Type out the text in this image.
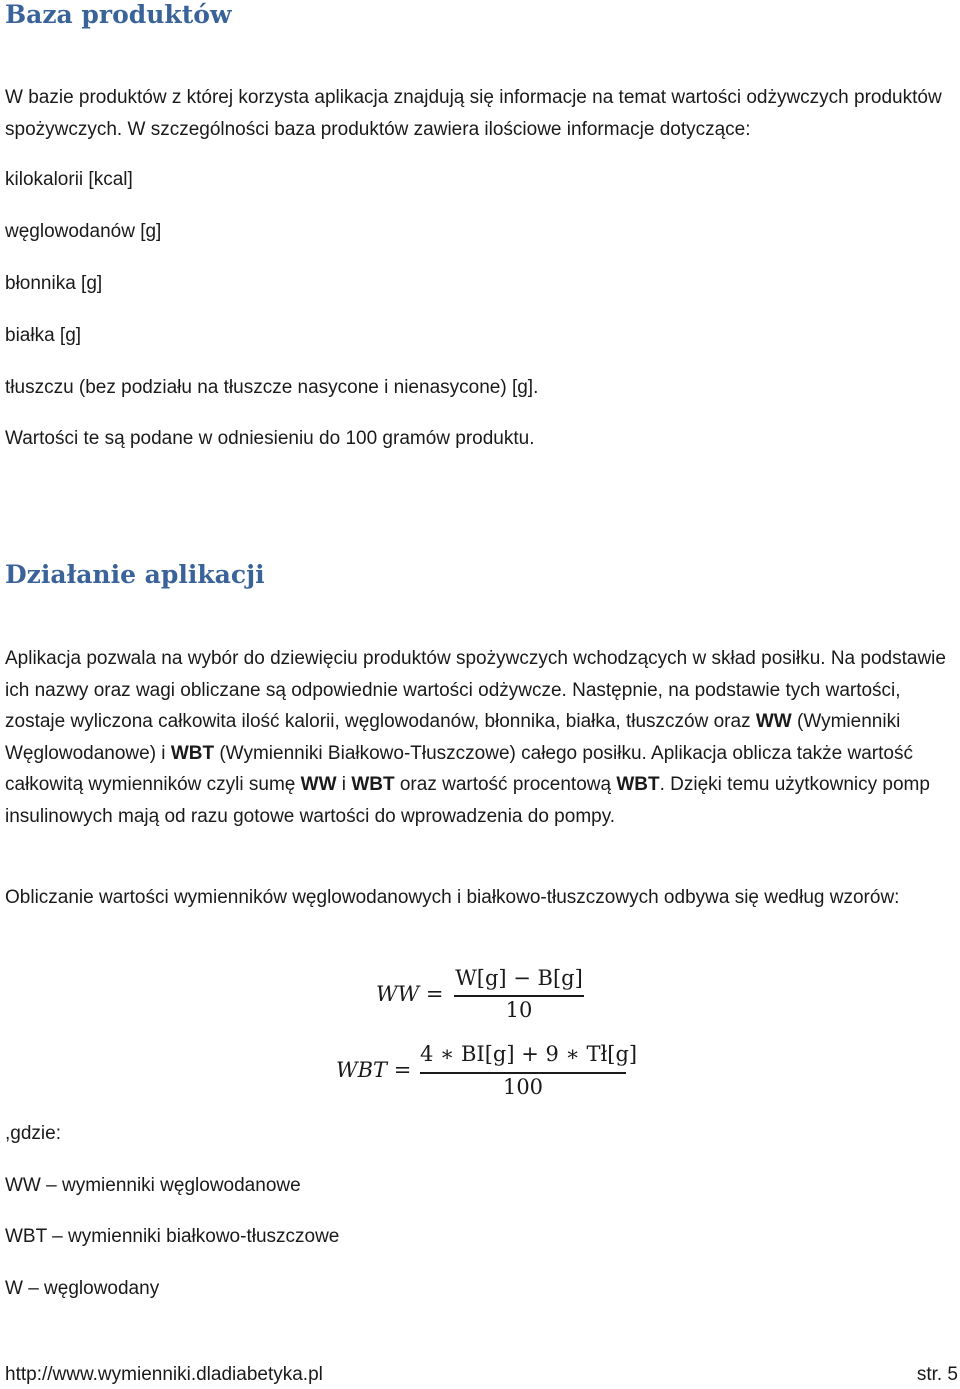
Baza produktów

W bazie produktów z której korzysta aplikacja znajdują się informacje na temat wartości odżywczych produktów spożywczych. W szczególności baza produktów zawiera ilościowe informacje dotyczące:

kilokalorii [kcal]

węglowodanów [g]

błonnika [g]

białka [g]

tłuszczu (bez podziału na tłuszcze nasycone i nienasycone) [g].

Wartości te są podane w odniesieniu do 100 gramów produktu.

Działanie aplikacji

Aplikacja pozwala na wybór do dziewięciu produktów spożywczych wchodzących w skład posiłku. Na podstawie ich nazwy oraz wagi obliczane są odpowiednie wartości odżywcze. Następnie, na podstawie tych wartości, zostaje wyliczona całkowita ilość kalorii, węglowodanów, błonnika, białka, tłuszczów oraz WW (Wymienniki Węglowodanowe) i WBT (Wymienniki Białkowo-Tłuszczowe) całego posiłku. Aplikacja oblicza także wartość całkowitą wymienników czyli sumę WW i WBT oraz wartość procentową WBT. Dzięki temu użytkownicy pomp insulinowych mają od razu gotowe wartości do wprowadzenia do pompy.

Obliczanie wartości wymienników węglowodanowych i białkowo-tłuszczowych odbywa się według wzorów:

WW =
W[g] − B[g]
10
WBT =
4 ∗ BI[g] + 9 ∗ Tł[g]
100

,gdzie:

WW – wymienniki węglowodanowe

WBT – wymienniki białkowo-tłuszczowe

W – węglowodany

http://www.wymienniki.dladiabetyka.pl	str. 5
